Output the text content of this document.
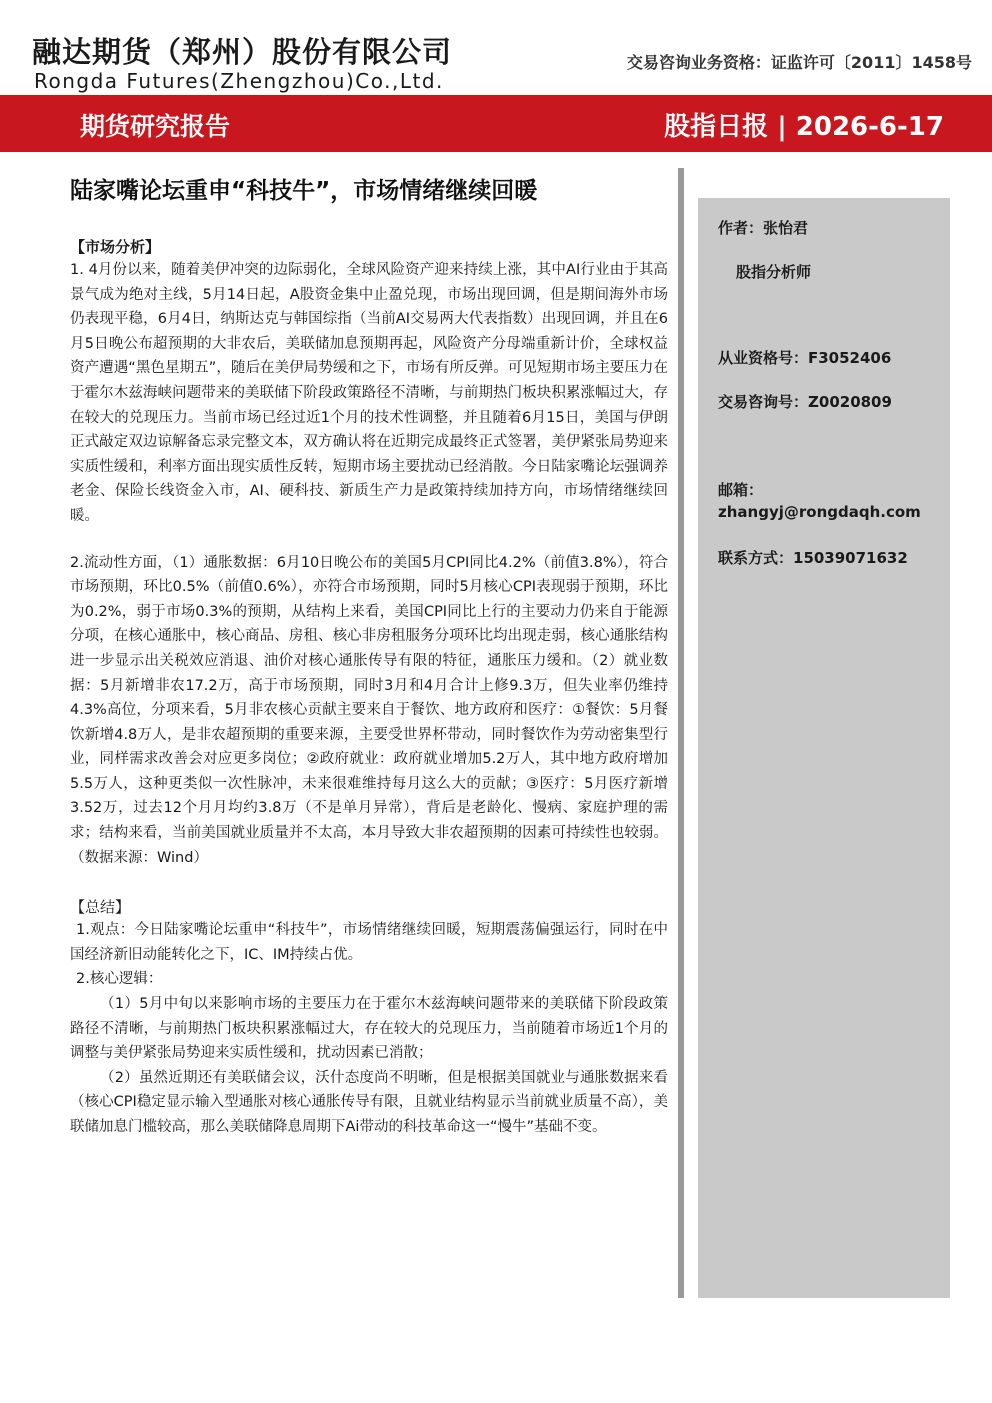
融达期货（郑州）股份有限公司
Rongda Futures(Zhengzhou)Co.,Ltd.
交易咨询业务资格：证监许可〔2011〕1458号
期货研究报告	股指日报 | 2026-6-17
陆家嘴论坛重申“科技牛”，市场情绪继续回暖
【市场分析】

1. 4月份以来，随着美伊冲突的边际弱化，全球风险资产迎来持续上涨，其中AI行业由于其高景气成为绝对主线，5月14日起，A股资金集中止盈兑现，市场出现回调，但是期间海外市场仍表现平稳，6月4日，纳斯达克与韩国综指（当前AI交易两大代表指数）出现回调，并且在6月5日晚公布超预期的大非农后，美联储加息预期再起，风险资产分母端重新计价，全球权益资产遭遇“黑色星期五”，随后在美伊局势缓和之下，市场有所反弹。可见短期市场主要压力在于霍尔木兹海峡问题带来的美联储下阶段政策路径不清晰，与前期热门板块积累涨幅过大，存在较大的兑现压力。当前市场已经过近1个月的技术性调整，并且随着6月15日，美国与伊朗正式敲定双边谅解备忘录完整文本，双方确认将在近期完成最终正式签署，美伊紧张局势迎来实质性缓和，利率方面出现实质性反转，短期市场主要扰动已经消散。今日陆家嘴论坛强调养老金、保险长线资金入市，AI、硬科技、新质生产力是政策持续加持方向，市场情绪继续回暖。

2.流动性方面，（1）通胀数据：6月10日晚公布的美国5月CPI同比4.2%（前值3.8%），符合市场预期，环比0.5%（前值0.6%），亦符合市场预期，同时5月核心CPI表现弱于预期，环比为0.2%，弱于市场0.3%的预期，从结构上来看，美国CPI同比上行的主要动力仍来自于能源分项，在核心通胀中，核心商品、房租、核心非房租服务分项环比均出现走弱，核心通胀结构进一步显示出关税效应消退、油价对核心通胀传导有限的特征，通胀压力缓和。（2）就业数据：5月新增非农17.2万，高于市场预期，同时3月和4月合计上修9.3万，但失业率仍维持4.3%高位，分项来看，5月非农核心贡献主要来自于餐饮、地方政府和医疗：①餐饮：5月餐饮新增4.8万人，是非农超预期的重要来源，主要受世界杯带动，同时餐饮作为劳动密集型行业，同样需求改善会对应更多岗位；②政府就业：政府就业增加5.2万人，其中地方政府增加5.5万人，这种更类似一次性脉冲，未来很难维持每月这么大的贡献；③医疗：5月医疗新增3.52万，过去12个月月均约3.8万（不是单月异常），背后是老龄化、慢病、家庭护理的需求；结构来看，当前美国就业质量并不太高，本月导致大非农超预期的因素可持续性也较弱。（数据来源：Wind）

【总结】

1.观点：今日陆家嘴论坛重申“科技牛”，市场情绪继续回暖，短期震荡偏强运行，同时在中国经济新旧动能转化之下，IC、IM持续占优。

2.核心逻辑：

（1）5月中旬以来影响市场的主要压力在于霍尔木兹海峡问题带来的美联储下阶段政策路径不清晰，与前期热门板块积累涨幅过大，存在较大的兑现压力，当前随着市场近1个月的调整与美伊紧张局势迎来实质性缓和，扰动因素已消散；

（2）虽然近期还有美联储会议，沃什态度尚不明晰，但是根据美国就业与通胀数据来看（核心CPI稳定显示输入型通胀对核心通胀传导有限，且就业结构显示当前就业质量不高），美联储加息门槛较高，那么美联储降息周期下Ai带动的科技革命这一“慢牛”基础不变。

作者：张怡君
股指分析师
从业资格号：F3052406
交易咨询号：Z0020809
邮箱：
zhangyj@rongdaqh.com
联系方式：15039071632
